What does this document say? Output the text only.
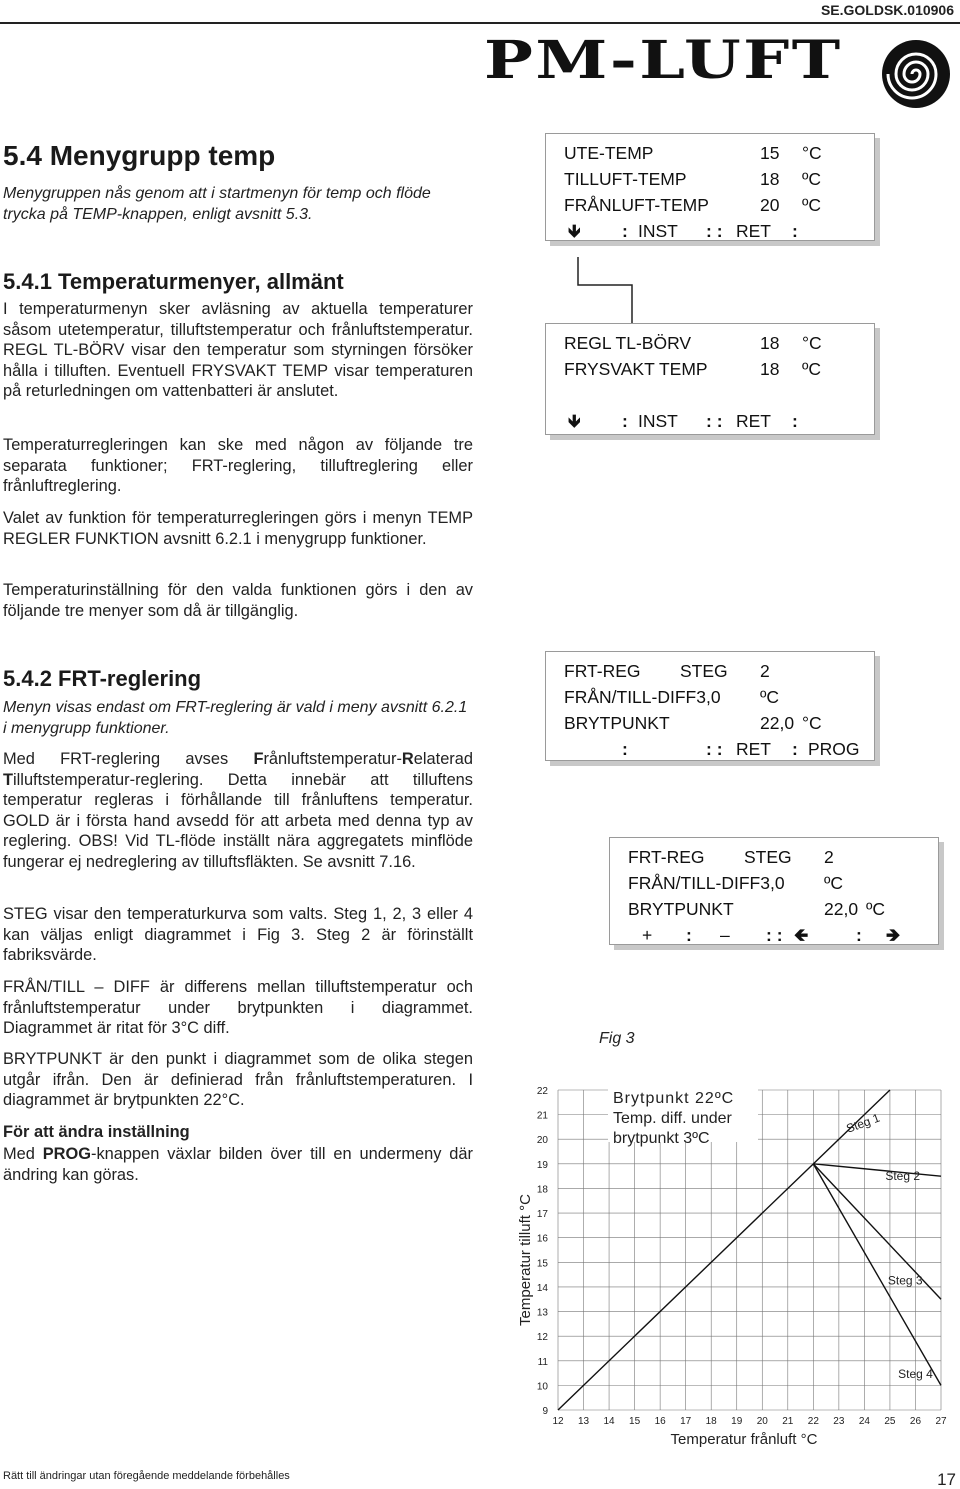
SE.GOLDSK.010906
PM-LUFT
5.4 Menygrupp temp

Menygruppen nås genom att i startmenyn för temp och flöde trycka på TEMP-knappen, enligt avsnitt 5.3.

5.4.1 Temperaturmenyer, allmänt

I temperaturmenyn sker avläsning av aktuella temperaturer såsom utetemperatur, tilluftstemperatur och frånluftstemperatur. REGL TL-BÖRV visar den temperatur som styrningen försöker hålla i tilluften. Eventuell FRYSVAKT TEMP visar temperaturen på returledningen om vattenbatteri är anslutet.

Temperaturregleringen kan ske med någon av följande tre separata funktioner; FRT-reglering, tilluftreglering eller frånluftreglering.

Valet av funktion för temperaturregleringen görs i menyn TEMP REGLER FUNKTION avsnitt 6.2.1 i menygrupp funktioner.

Temperaturinställning för den valda funktionen görs i den av följande tre menyer som då är tillgänglig.

5.4.2 FRT-reglering

Menyn visas endast om FRT-reglering är vald i meny avsnitt 6.2.1 i menygrupp funktioner.

Med FRT-reglering avses Frånluftstemperatur-Relaterad Tilluftstemperatur-reglering. Detta innebär att tilluftens temperatur regleras i förhållande till frånluftens temperatur. GOLD är i första hand avsedd för att arbeta med denna typ av reglering. OBS! Vid TL-flöde inställt nära aggregatets minflöde fungerar ej nedreglering av tilluftsfläkten. Se avsnitt 7.16.

STEG visar den temperaturkurva som valts. Steg 1, 2, 3 eller 4 kan väljas enligt diagrammet i Fig 3. Steg 2 är förinställt fabriksvärde.

FRÅN/TILL – DIFF är differens mellan tilluftstemperatur och frånluftstemperatur under brytpunkten i diagrammet. Diagrammet är ritat för 3°C diff.

BRYTPUNKT är den punkt i diagrammet som de olika stegen utgår ifrån. Den är definierad från frånluftstemperaturen. I diagrammet är brytpunkten 22°C.

För att ändra inställning

Med PROG-knappen växlar bilden över till en undermeny där ändring kan göras.

UTE-TEMP	15 °C
TILLUFT-TEMP	18 ºC
FRÅNLUFT-TEMP	20 ºC
🡻 : INST : : RET :
REGL TL-BÖRV	18 °C
FRYSVAKT TEMP	18 ºC
🡻 : INST : : RET :
FRT-REG STEG 2
FRÅN/TILL-DIFF3,0 ºC
BRYTPUNKT	22,0 °C
:	: : RET : PROG
FRT-REG STEG 2
FRÅN/TILL-DIFF3,0 ºC
BRYTPUNKT	22,0 ºC
+ : – : : 🡸	: 🡺
Fig 3
12 13 14 15 16 17 18 19 20 21 22 23 24 25 26 27
9
10
11
12
13
14
15
16
17
18
19
20
21
22
Steg 1
Steg 2
Steg 3
Steg 4
Temperatur frånluft °C
Temperatur tilluft °C
Brytpunkt 22ºC
Temp. diff. under
brytpunkt 3ºC
Rätt till ändringar utan föregående meddelande förbehålles	17
